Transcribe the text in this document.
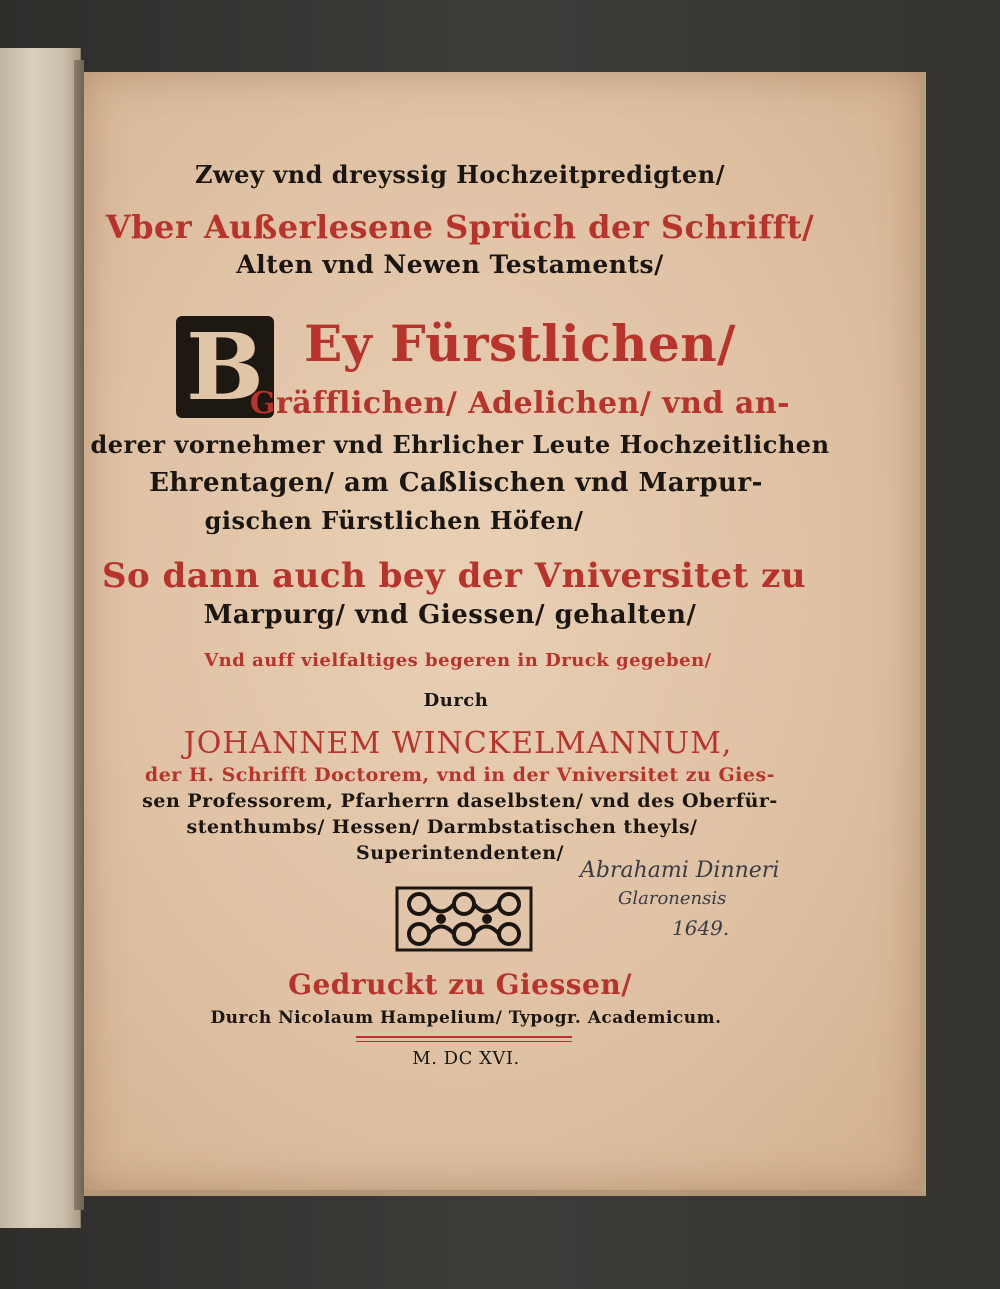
Zwey vnd dreyssig Hochzeitpredigten/
Vber Außerlesene Sprüch der Schrifft/
Alten vnd Newen Testaments/
B Ey Fürstlichen/
Gräfflichen/ Adelichen/ vnd an-
derer vornehmer vnd Ehrlicher Leute Hochzeitlichen
Ehrentagen/ am Caßlischen vnd Marpur-
gischen Fürstlichen Höfen/
So dann auch bey der Vniversitet zu
Marpurg/ vnd Giessen/ gehalten/
Vnd auff vielfaltiges begeren in Druck gegeben/
Durch
JOHANNEM WINCKELMANNUM,
der H. Schrifft Doctorem, vnd in der Vniversitet zu Gies-
sen Professorem, Pfarherrn daselbsten/ vnd des Oberfür-
stenthumbs/ Hessen/ Darmbstatischen theyls/
Superintendenten/
Gedruckt zu Giessen/
Durch Nicolaum Hampelium/ Typogr. Academicum.
M. DC XVI.
Abrahami Dinneri
Glaronensis
1649.
